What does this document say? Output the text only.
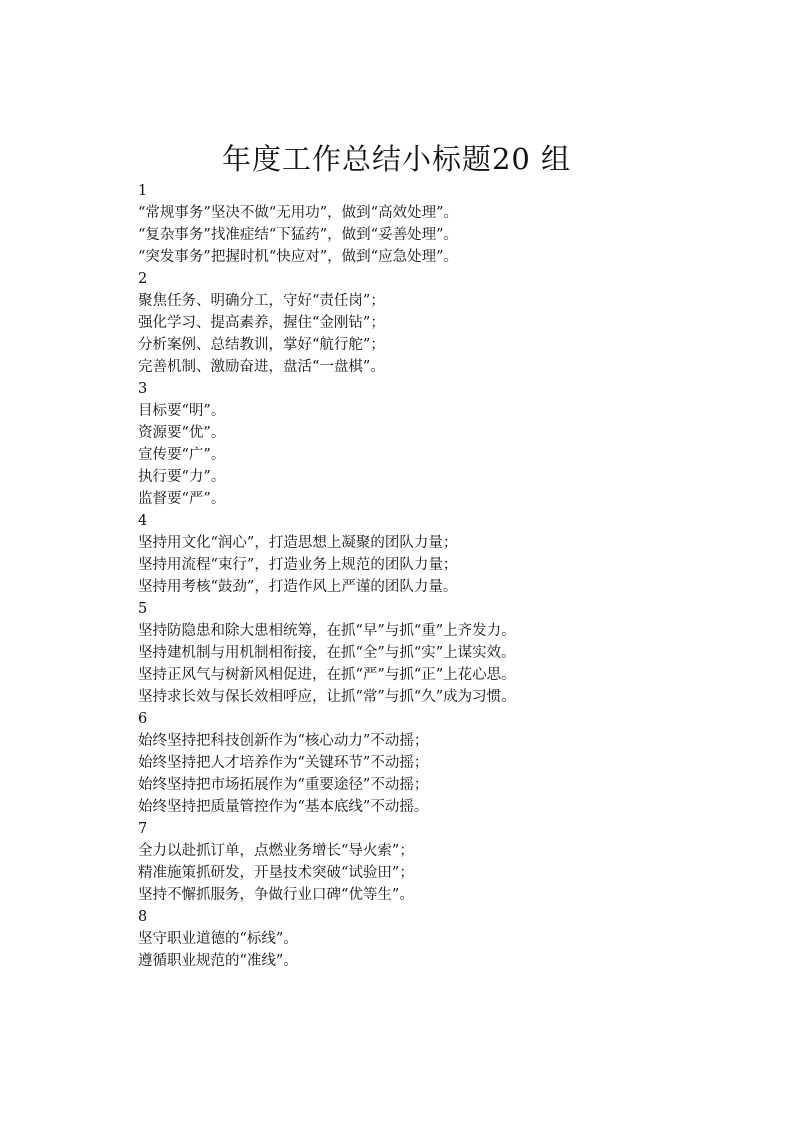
年度工作总结小标题20 组
1
“常规事务”坚决不做“无用功”，做到“高效处理”。
“复杂事务”找准症结“下猛药”，做到“妥善处理”。
“突发事务”把握时机“快应对”，做到“应急处理”。
2
聚焦任务、明确分工，守好“责任岗”；
强化学习、提高素养，握住“金刚钻”；
分析案例、总结教训，掌好“航行舵”；
完善机制、激励奋进，盘活“一盘棋”。
3
目标要“明”。
资源要“优”。
宣传要“广”。
执行要“力”。
监督要“严”。
4
坚持用文化“润心”，打造思想上凝聚的团队力量；
坚持用流程“束行”，打造业务上规范的团队力量；
坚持用考核“鼓劲”，打造作风上严谨的团队力量。
5
坚持防隐患和除大患相统筹，在抓“早”与抓“重”上齐发力。
坚持建机制与用机制相衔接，在抓“全”与抓“实”上谋实效。
坚持正风气与树新风相促进，在抓“严”与抓“正”上花心思。
坚持求长效与保长效相呼应，让抓“常”与抓“久”成为习惯。
6
始终坚持把科技创新作为“核心动力”不动摇；
始终坚持把人才培养作为“关键环节”不动摇；
始终坚持把市场拓展作为“重要途径”不动摇；
始终坚持把质量管控作为“基本底线”不动摇。
7
全力以赴抓订单，点燃业务增长“导火索”；
精准施策抓研发，开垦技术突破“试验田”；
坚持不懈抓服务，争做行业口碑“优等生”。
8
坚守职业道德的“标线”。
遵循职业规范的“准线”。
